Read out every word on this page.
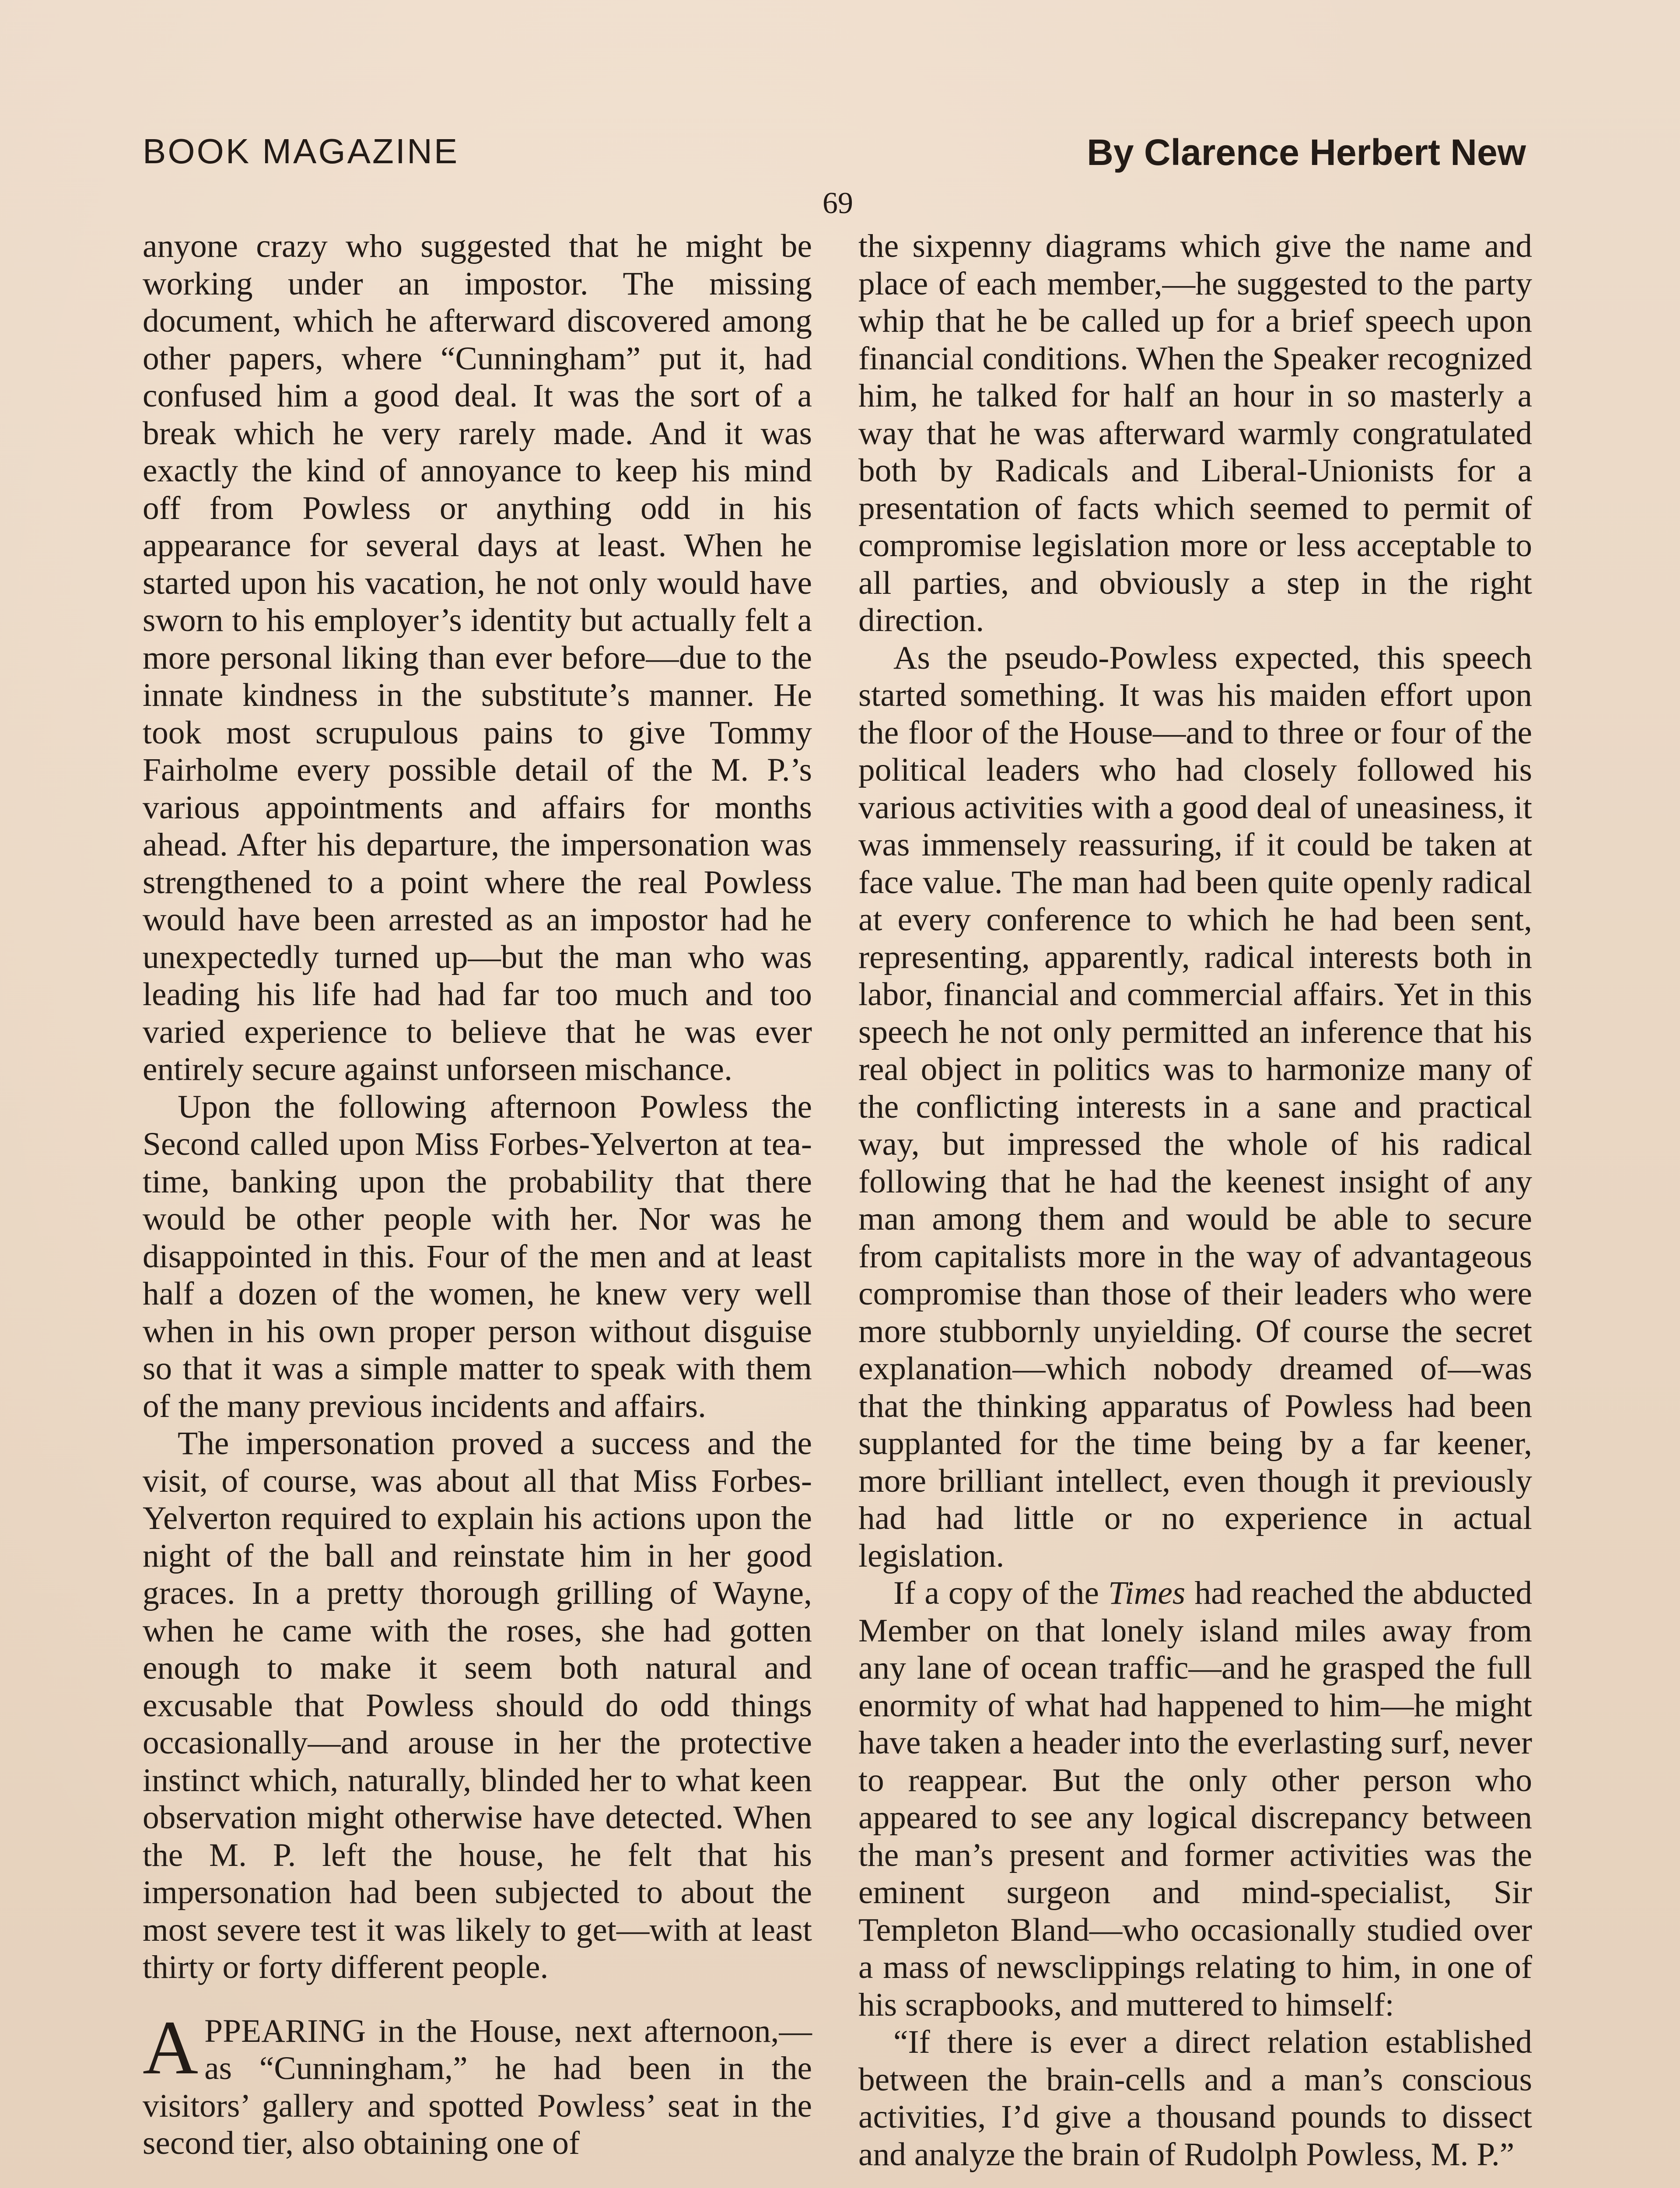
BOOK MAGAZINE	By Clarence Herbert New
69

anyone crazy who suggested that he might be working under an impostor. The missing document, which he afterward discovered among other papers, where “Cunningham” put it, had confused him a good deal. It was the sort of a break which he very rarely made. And it was exactly the kind of annoyance to keep his mind off from Powless or anything odd in his appearance for several days at least. When he started upon his vacation, he not only would have sworn to his employer’s identity but actually felt a more personal liking than ever before—due to the innate kindness in the substitute’s manner. He took most scrupulous pains to give Tommy Fairholme every possible detail of the M. P.’s various appointments and affairs for months ahead. After his departure, the impersonation was strengthened to a point where the real Powless would have been arrested as an impostor had he unexpectedly turned up—but the man who was leading his life had had far too much and too varied experience to believe that he was ever entirely secure against unforseen mischance.

Upon the following afternoon Powless the Second called upon Miss Forbes-Yelverton at tea-time, banking upon the probability that there would be other people with her. Nor was he disappointed in this. Four of the men and at least half a dozen of the women, he knew very well when in his own proper person without disguise so that it was a simple matter to speak with them of the many previous incidents and affairs.

The impersonation proved a success and the visit, of course, was about all that Miss Forbes-Yelverton required to explain his actions upon the night of the ball and reinstate him in her good graces. In a pretty thorough grilling of Wayne, when he came with the roses, she had gotten enough to make it seem both natural and excusable that Powless should do odd things occasionally—and arouse in her the protective instinct which, naturally, blinded her to what keen observation might otherwise have detected. When the M. P. left the house, he felt that his impersonation had been subjected to about the most severe test it was likely to get—with at least thirty or forty different people.

APPEARING in the House, next afternoon,—as “Cunningham,” he had been in the visitors’ gallery and spotted Powless’ seat in the second tier, also obtaining one of

the sixpenny diagrams which give the name and place of each member,—he suggested to the party whip that he be called up for a brief speech upon financial conditions. When the Speaker recognized him, he talked for half an hour in so masterly a way that he was afterward warmly congratulated both by Radicals and Liberal-Unionists for a presentation of facts which seemed to permit of compromise legislation more or less acceptable to all parties, and obviously a step in the right direction.

As the pseudo-Powless expected, this speech started something. It was his maiden effort upon the floor of the House—and to three or four of the political leaders who had closely followed his various activities with a good deal of uneasiness, it was immensely reassuring, if it could be taken at face value. The man had been quite openly radical at every conference to which he had been sent, representing, apparently, radical interests both in labor, financial and commercial affairs. Yet in this speech he not only permitted an inference that his real object in politics was to harmonize many of the conflicting interests in a sane and practical way, but impressed the whole of his radical following that he had the keenest insight of any man among them and would be able to secure from capitalists more in the way of advantageous compromise than those of their leaders who were more stubbornly unyielding. Of course the secret explanation—which nobody dreamed of—was that the thinking apparatus of Powless had been supplanted for the time being by a far keener, more brilliant intellect, even though it previously had had little or no experience in actual legislation.

If a copy of the Times had reached the abducted Member on that lonely island miles away from any lane of ocean traffic—and he grasped the full enormity of what had happened to him—he might have taken a header into the everlasting surf, never to reappear. But the only other person who appeared to see any logical discrepancy between the man’s present and former activities was the eminent surgeon and mind-specialist, Sir Templeton Bland—who occasionally studied over a mass of newsclippings relating to him, in one of his scrapbooks, and muttered to himself:

“If there is ever a direct relation established between the brain-cells and a man’s conscious activities, I’d give a thousand pounds to dissect and analyze the brain of Rudolph Powless, M. P.”
